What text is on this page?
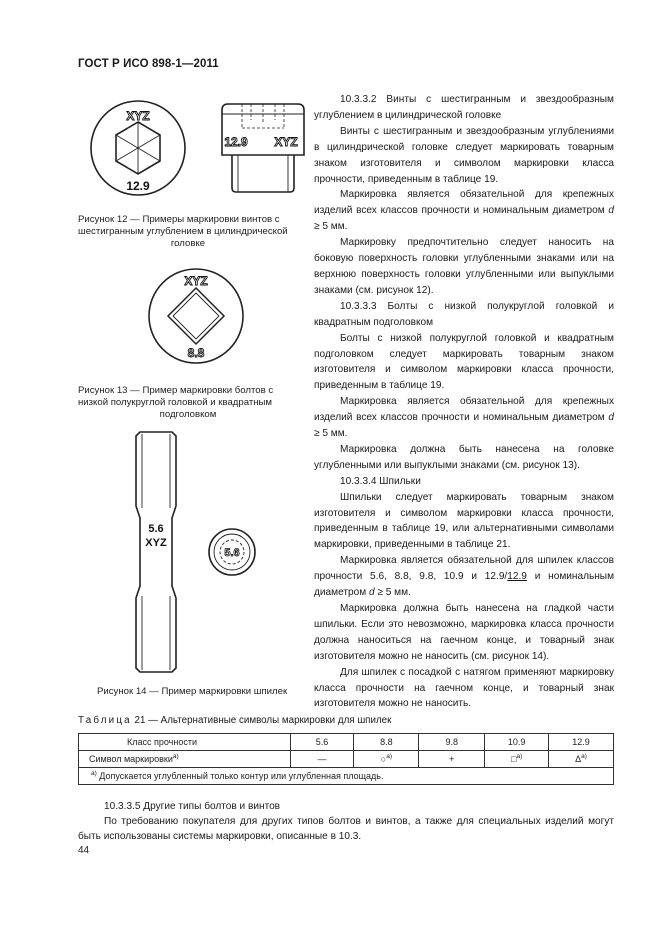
ГОСТ Р ИСО 898-1—2011
XYZ
12.9
12.9 XYZ
Рисунок 12 — Примеры маркировки винтов с
шестигранным углублением в цилиндрической
головке
XYZ
8.8
Рисунок 13 — Пример маркировки болтов с
низкой полукруглой головкой и квадратным
подголовком
5.6
XYZ
5.6
Рисунок 14 — Пример маркировки шпилек

10.3.3.2 Винты с шестигранным и звездообразным углублением в цилиндрической головке

Винты с шестигранным и звездообразным углублениями в цилиндрической головке следует маркировать товарным знаком изготовителя и символом маркировки класса прочности, приведенным в таблице 19.

Маркировка является обязательной для крепежных изделий всех классов прочности и номинальным диаметром d ≥ 5 мм.

Маркировку предпочтительно следует наносить на боковую поверхность головки углубленными знаками или на верхнюю поверхность головки углубленными или выпуклыми знаками (см. рисунок 12).

10.3.3.3 Болты с низкой полукруглой головкой и квадратным подголовком

Болты с низкой полукруглой головкой и квадратным подголовком следует маркировать товарным знаком изготовителя и символом маркировки класса прочности, приведенным в таблице 19.

Маркировка является обязательной для крепежных изделий всех классов прочности и номинальным диаметром d ≥ 5 мм.

Маркировка должна быть нанесена на головке углубленными или выпуклыми знаками (см. рисунок 13).

10.3.3.4 Шпильки

Шпильки следует маркировать товарным знаком изготовителя и символом маркировки класса прочности, приведенным в таблице 19, или альтернативными символами маркировки, приведенными в таблице 21.

Маркировка является обязательной для шпилек классов прочности 5.6, 8.8, 9.8, 10.9 и 12.9/12.9 и номинальным диаметром d ≥ 5 мм.

Маркировка должна быть нанесена на гладкой части шпильки. Если это невозможно, маркировка класса прочности должна наноситься на гаечном конце, и товарный знак изготовителя можно не наносить (см. рисунок 14).

Для шпилек с посадкой с натягом применяют маркировку класса прочности на гаечном конце, и товарный знак изготовителя можно не наносить.

Таблица 21 — Альтернативные символы маркировки для шпилек
Класс прочности	5.6	8.8	9.8	10.9	12.9
Символ маркировки$^{a)}$	—	○$^{a)}$	+	□$^{a)}$	$\Delta^{a)}$
$^{a)}$ Допускается углубленный только контур или углубленная площадь.					

10.3.3.5 Другие типы болтов и винтов

По требованию покупателя для других типов болтов и винтов, а также для специальных изделий могут быть использованы системы маркировки, описанные в 10.3.

44
